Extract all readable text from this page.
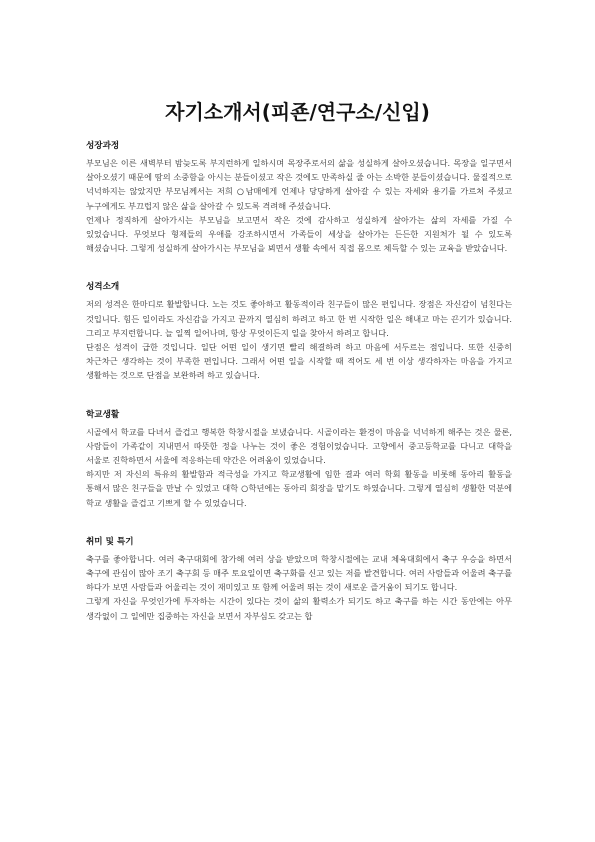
자기소개서(피죤/연구소/신입)
성장과정

부모님은 이른 새벽부터 밤늦도록 부지런하게 일하시며 목장주로서의 삶을 성실하게 살아오셨습니다. 목장을 일구면서 살아오셨기 때문에 땀의 소중함을 아시는 분들이셨고 작은 것에도 만족하실 줄 아는 소박한 분들이셨습니다. 물질적으로 넉넉하지는 않았지만 부모님께서는 저희 ○남매에게 언제나 당당하게 살아갈 수 있는 자세와 용기를 가르쳐 주셨고 누구에게도 부끄럽지 않은 삶을 살아갈 수 있도록 격려해 주셨습니다.

언제나 정직하게 살아가시는 부모님을 보고면서 작은 것에 감사하고 성실하게 살아가는 삶의 자세를 가질 수 있었습니다. 무엇보다 형제들의 우애를 강조하시면서 가족들이 세상을 살아가는 든든한 지원처가 될 수 있도록 해셨습니다. 그렇게 성실하게 살아가시는 부모님을 뵈면서 생활 속에서 직접 몸으로 체득할 수 있는 교육을 받았습니다.

성격소개

저의 성격은 한마디로 활발합니다. 노는 것도 좋아하고 활동적이라 친구들이 많은 편입니다. 장점은 자신감이 넘친다는 것입니다. 힘든 일이라도 자신감을 가지고 끝까지 열심히 하려고 하고 한 번 시작한 일은 해내고 마는 끈기가 있습니다. 그리고 부지런합니다. 늘 일찍 일어나며, 항상 무엇이든지 일을 찾아서 하려고 합니다.

단점은 성격이 급한 것입니다. 일단 어떤 일이 생기면 빨리 해결하려 하고 마음에 서두르는 점입니다. 또한 신중히 차근차근 생각하는 것이 부족한 편입니다. 그래서 어떤 일을 시작할 때 적어도 세 번 이상 생각하자는 마음을 가지고 생활하는 것으로 단점을 보완하려 하고 있습니다.

학교생활

시골에서 학교를 다녀서 즐겁고 행복한 학창시절을 보냈습니다. 시골이라는 환경이 마음을 넉넉하게 해주는 것은 물론, 사람들이 가족같이 지내면서 따뜻한 정을 나누는 것이 좋은 경험이었습니다. 고향에서 중고등학교를 다니고 대학을 서울로 진학하면서 서울에 적응하는데 약간은 어려움이 있었습니다.

하지만 저 자신의 특유의 활발함과 적극성을 가지고 학교생활에 임한 결과 여러 학회 활동을 비롯해 동아리 활동을 통해서 많은 친구들을 만날 수 있었고 대학 ○학년에는 동아리 회장을 맡기도 하였습니다. 그렇게 열심히 생활한 덕분에 학교 생활을 즐겁고 기쁘게 할 수 있었습니다.

취미 및 특기

축구를 좋아합니다. 여러 축구대회에 참가해 여러 상을 받았으며 학창시절에는 교내 체육대회에서 축구 우승을 하면서 축구에 관심이 많아 조기 축구회 등 매주 토요일이면 축구화를 신고 있는 저를 발견합니다. 여러 사람들과 어울려 축구를 하다가 보면 사람들과 어울리는 것이 재미있고 또 함께 어울려 뛰는 것이 새로운 즐거움이 되기도 합니다.

그렇게 자신을 무엇인가에 투자하는 시간이 있다는 것이 삶의 활력소가 되기도 하고 축구를 하는 시간 동안에는 아무 생각없이 그 일에만 집중하는 자신을 보면서 자부심도 갖고는 합
